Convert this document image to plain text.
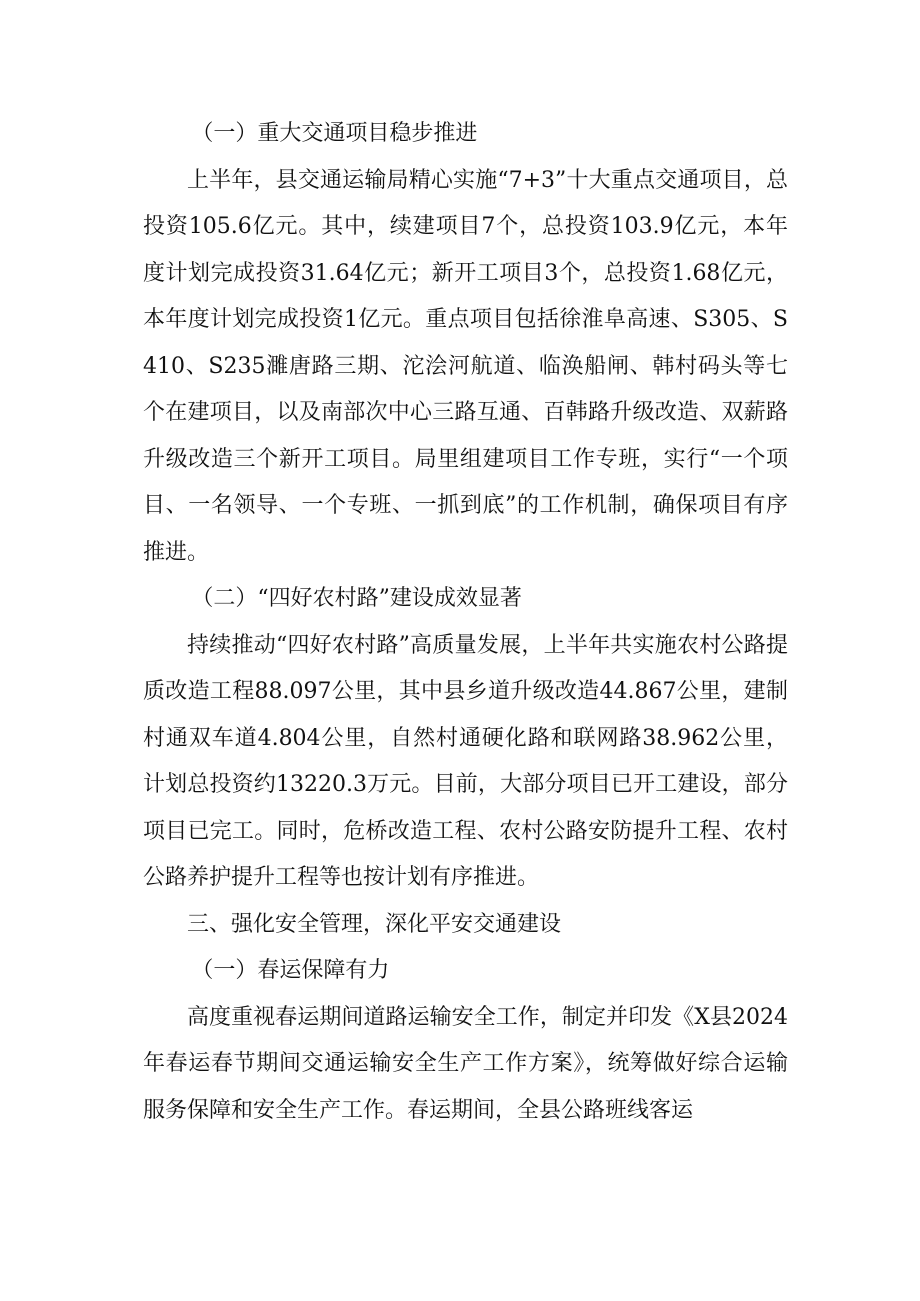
（一）重大交通项目稳步推进

上半年，县交通运输局精心实施“7+3”十大重点交通项目，总投资105.6亿元。其中，续建项目7个，总投资103.9亿元，本年度计划完成投资31.64亿元；新开工项目3个，总投资1.68亿元，本年度计划完成投资1亿元。重点项目包括徐淮阜高速、S305、S410、S235濉唐路三期、沱浍河航道、临涣船闸、韩村码头等七个在建项目，以及南部次中心三路互通、百韩路升级改造、双薪路升级改造三个新开工项目。局里组建项目工作专班，实行“一个项目、一名领导、一个专班、一抓到底”的工作机制，确保项目有序推进。

（二）“四好农村路”建设成效显著

持续推动“四好农村路”高质量发展，上半年共实施农村公路提质改造工程88.097公里，其中县乡道升级改造44.867公里，建制村通双车道4.804公里，自然村通硬化路和联网路38.962公里，计划总投资约13220.3万元。目前，大部分项目已开工建设，部分项目已完工。同时，危桥改造工程、农村公路安防提升工程、农村公路养护提升工程等也按计划有序推进。

三、强化安全管理，深化平安交通建设

（一）春运保障有力

高度重视春运期间道路运输安全工作，制定并印发《X县2024年春运春节期间交通运输安全生产工作方案》，统筹做好综合运输服务保障和安全生产工作。春运期间，全县公路班线客运
